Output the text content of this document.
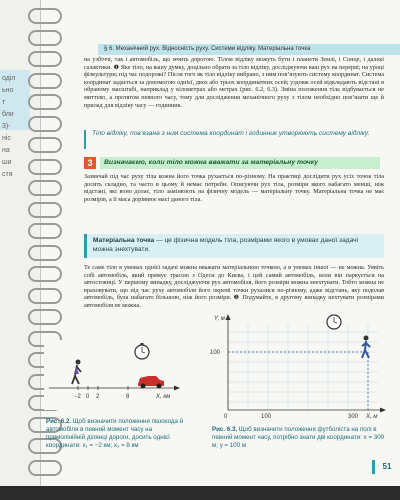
оділ
ьно
т
бли
3)-
ніс
на
ши
стя
§ 6. Механічний рух. Відносність руху. Системи відліку. Матеріальна точка
на узбіччі, так і автомобіль, що мчить дорогою. Тілом відліку можуть бути і планети Землі, і Сонце, і далекі галактики. ❶ Яке тіло, на вашу думку, доцільно обрати за тіло відліку, досліджуючи ваш рух на перерві; на уроці фізкультури; під час подорожі? Після того як тіло відліку вибрано, з ним пов’язують систему координат. Система координат задається за допомогою однієї, двох або трьох координатних осей; уздовж осей відкладають відстані в обраному масштабі, наприклад у кілометрах або метрах (рис. 6.2, 6.3). Зміна положення тіла відбувається не миттєво, а протягом певного часу, тому для дослідження механічного руху з тілом необхідно пов’язати ще й прилад для відліку часу — годинник.
Тіло відліку, пов’язана з ним система координат і годинник утворюють систему відліку.
3	Визначаємо, коли тіло можна вважати за матеріальну точку
Зазвичай під час руху тіла кожна його точка рухається по-різному. На практиці дослідити рух усіх точок тіла досить складно, та часто в цьому й немає потреби. Описуючи рух тіла, розміри якого набагато менші, ніж відстані, які воно долає, тіло замінюють на фізичну модель — матеріальну точку. Матеріальна точка не має розмірів, а її маса дорівнює масі даного тіла.
Матеріальна точка — це фізична модель тіла, розмірами якого в умовах даної задачі можна знехтувати.
Те саме тіло в умовах однієї задачі можна вважати матеріальною точкою, а в умовах іншої — не можна. Уявіть собі автомобіль, який прямує трасою з Одеси до Києва, і цей самий автомобіль, коли він паркується на автостоянці. У першому випадку, досліджуючи рух автомобіля, його розміри можна знехтувати. Тобто можна не враховувати, що під час руху автомобіля його окремі точки рухалися по-різному, адже відстань, яку подолав автомобіль, була набагато більшою, ніж його розміри. ❷ Подумайте, в другому випадку нехтувати розмірами автомобіля не можна.
−2 0 2	8	X, км
Y, м
100
0	100	300 X, м
Рис. 6.2. Щоб визначити положення пішохода й автомобіля в певний момент часу на прямолінійній ділянці дороги, досить однієї координати: x₁ = −2 км; x₂ = 8 км
Рис. 6.3. Щоб визначити положення футболіста на полі в певний момент часу, потрібно знати дві координати: x = 300 м; y = 100 м
51
